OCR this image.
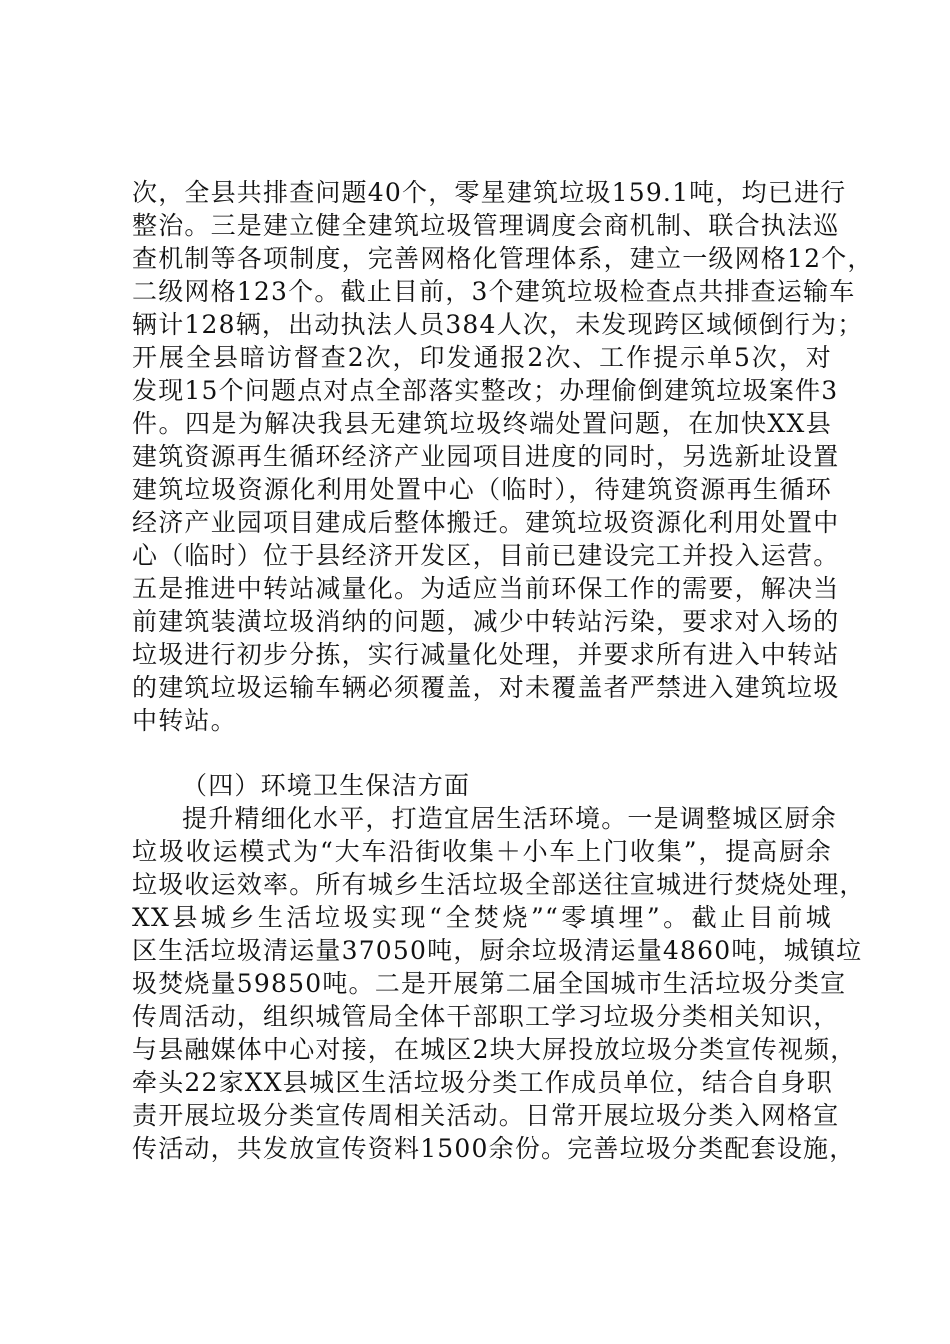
次，全县共排查问题40个，零星建筑垃圾159.1吨，均已进行
整治。三是建立健全建筑垃圾管理调度会商机制、联合执法巡
查机制等各项制度，完善网格化管理体系，建立一级网格12个，
二级网格123个。截止目前，3个建筑垃圾检查点共排查运输车
辆计128辆，出动执法人员384人次，未发现跨区域倾倒行为；
开展全县暗访督查2次，印发通报2次、工作提示单5次，对
发现15个问题点对点全部落实整改；办理偷倒建筑垃圾案件3
件。四是为解决我县无建筑垃圾终端处置问题，在加快XX县
建筑资源再生循环经济产业园项目进度的同时，另选新址设置
建筑垃圾资源化利用处置中心（临时），待建筑资源再生循环
经济产业园项目建成后整体搬迁。建筑垃圾资源化利用处置中
心（临时）位于县经济开发区，目前已建设完工并投入运营。
五是推进中转站减量化。为适应当前环保工作的需要，解决当
前建筑装潢垃圾消纳的问题，减少中转站污染，要求对入场的
垃圾进行初步分拣，实行减量化处理，并要求所有进入中转站
的建筑垃圾运输车辆必须覆盖，对未覆盖者严禁进入建筑垃圾
中转站。
（四）环境卫生保洁方面
提升精细化水平，打造宜居生活环境。一是调整城区厨余
垃圾收运模式为“大车沿街收集＋小车上门收集”，提高厨余
垃圾收运效率。所有城乡生活垃圾全部送往宣城进行焚烧处理，
XX县城乡生活垃圾实现“全焚烧”“零填埋”。截止目前城
区生活垃圾清运量37050吨，厨余垃圾清运量4860吨，城镇垃
圾焚烧量59850吨。二是开展第二届全国城市生活垃圾分类宣
传周活动，组织城管局全体干部职工学习垃圾分类相关知识，
与县融媒体中心对接，在城区2块大屏投放垃圾分类宣传视频，
牵头22家XX县城区生活垃圾分类工作成员单位，结合自身职
责开展垃圾分类宣传周相关活动。日常开展垃圾分类入网格宣
传活动，共发放宣传资料1500余份。完善垃圾分类配套设施，
